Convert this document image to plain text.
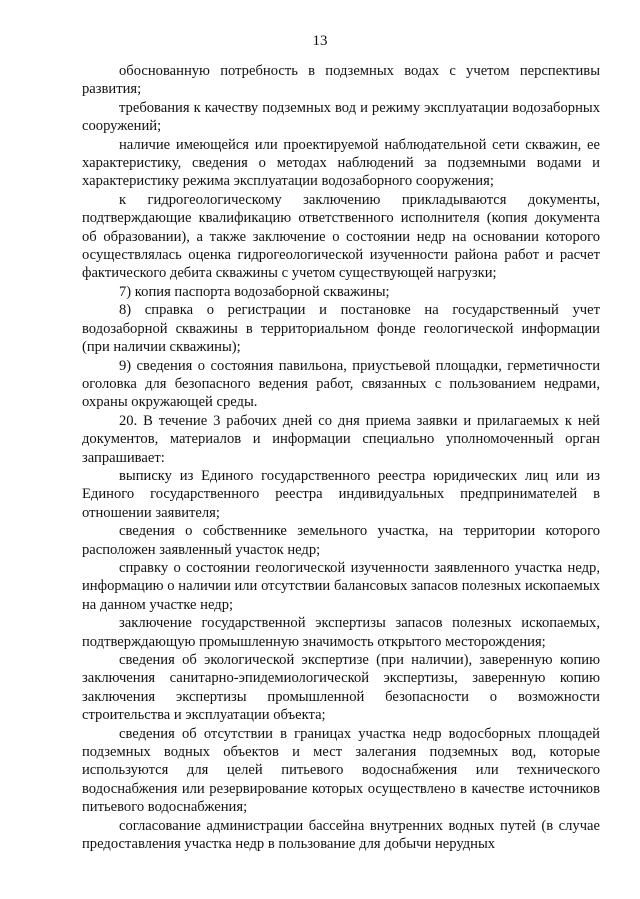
13

обоснованную потребность в подземных водах с учетом перспективы развития;

требования к качеству подземных вод и режиму эксплуатации водозаборных сооружений;

наличие имеющейся или проектируемой наблюдательной сети скважин, ее характеристику, сведения о методах наблюдений за подземными водами и характеристику режима эксплуатации водозаборного сооружения;

к гидрогеологическому заключению прикладываются документы, подтверждающие квалификацию ответственного исполнителя (копия документа об образовании), а также заключение о состоянии недр на основании которого осуществлялась оценка гидрогеологической изученности района работ и расчет фактического дебита скважины с учетом существующей нагрузки;

7) копия паспорта водозаборной скважины;

8) справка о регистрации и постановке на государственный учет водозаборной скважины в территориальном фонде геологической информации (при наличии скважины);

9) сведения о состояния павильона, приустьевой площадки, герметичности оголовка для безопасного ведения работ, связанных с пользованием недрами, охраны окружающей среды.

20. В течение 3 рабочих дней со дня приема заявки и прилагаемых к ней документов, материалов и информации специально уполномоченный орган запрашивает:

выписку из Единого государственного реестра юридических лиц или из Единого государственного реестра индивидуальных предпринимателей в отношении заявителя;

сведения о собственнике земельного участка, на территории которого расположен заявленный участок недр;

справку о состоянии геологической изученности заявленного участка недр, информацию о наличии или отсутствии балансовых запасов полезных ископаемых на данном участке недр;

заключение государственной экспертизы запасов полезных ископаемых, подтверждающую промышленную значимость открытого месторождения;

сведения об экологической экспертизе (при наличии), заверенную копию заключения санитарно-эпидемиологической экспертизы, заверенную копию заключения экспертизы промышленной безопасности о возможности строительства и эксплуатации объекта;

сведения об отсутствии в границах участка недр водосборных площадей подземных водных объектов и мест залегания подземных вод, которые используются для целей питьевого водоснабжения или технического водоснабжения или резервирование которых осуществлено в качестве источников питьевого водоснабжения;

согласование администрации бассейна внутренних водных путей (в случае предоставления участка недр в пользование для добычи нерудных
